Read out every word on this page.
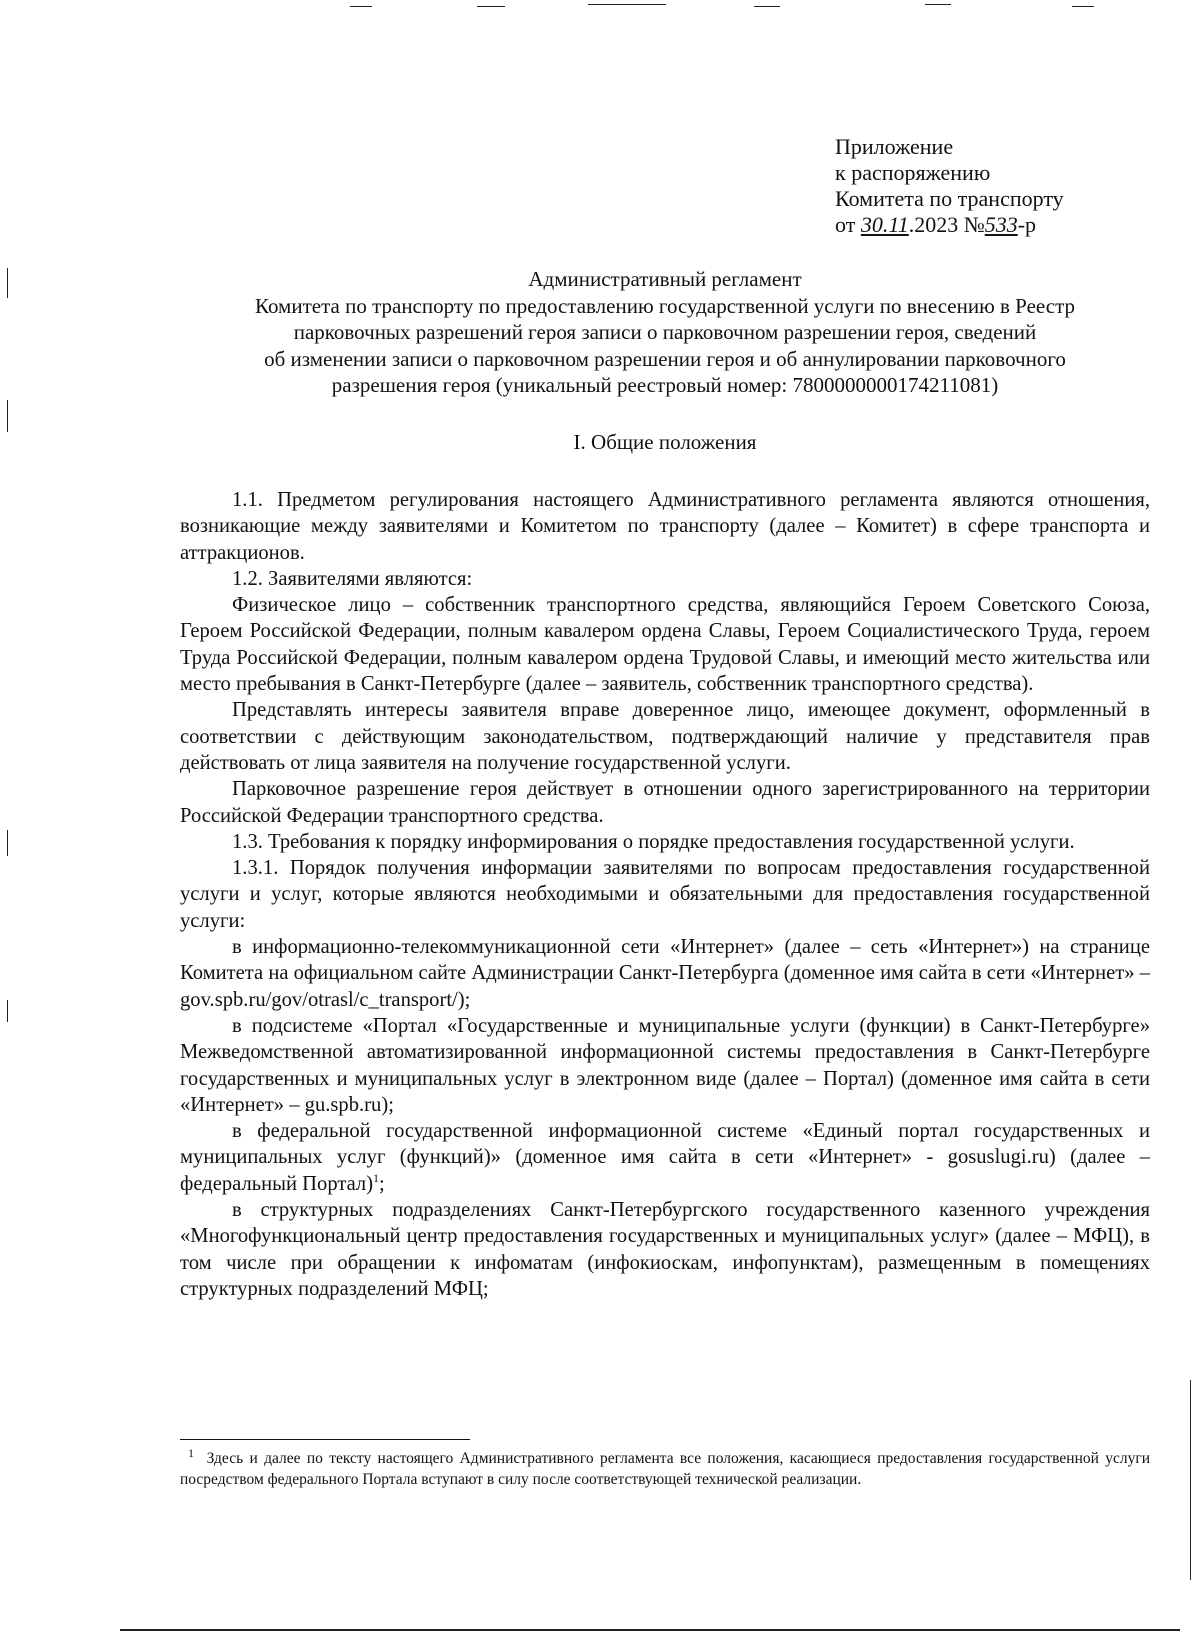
Приложение
к распоряжению
Комитета по транспорту
от 30.11.2023 №533-р
Административный регламент
Комитета по транспорту по предоставлению государственной услуги по внесению в Реестр
парковочных разрешений героя записи о парковочном разрешении героя, сведений
об изменении записи о парковочном разрешении героя и об аннулировании парковочного
разрешения героя (уникальный реестровый номер: 7800000000174211081)
I. Общие положения

1.1. Предметом регулирования настоящего Административного регламента являются отношения, возникающие между заявителями и Комитетом по транспорту (далее – Комитет) в сфере транспорта и аттракционов.

1.2. Заявителями являются:

Физическое лицо – собственник транспортного средства, являющийся Героем Советского Союза, Героем Российской Федерации, полным кавалером ордена Славы, Героем Социалистического Труда, героем Труда Российской Федерации, полным кавалером ордена Трудовой Славы, и имеющий место жительства или место пребывания в Санкт-Петербурге (далее – заявитель, собственник транспортного средства).

Представлять интересы заявителя вправе доверенное лицо, имеющее документ, оформленный в соответствии с действующим законодательством, подтверждающий наличие у представителя прав действовать от лица заявителя на получение государственной услуги.

Парковочное разрешение героя действует в отношении одного зарегистрированного на территории Российской Федерации транспортного средства.

1.3. Требования к порядку информирования о порядке предоставления государственной услуги.

1.3.1. Порядок получения информации заявителями по вопросам предоставления государственной услуги и услуг, которые являются необходимыми и обязательными для предоставления государственной услуги:

в информационно-телекоммуникационной сети «Интернет» (далее – сеть «Интернет») на странице Комитета на официальном сайте Администрации Санкт-Петербурга (доменное имя сайта в сети «Интернет» – gov.spb.ru/gov/otrasl/c_transport/);

в подсистеме «Портал «Государственные и муниципальные услуги (функции) в Санкт-Петербурге» Межведомственной автоматизированной информационной системы предоставления в Санкт-Петербурге государственных и муниципальных услуг в электронном виде (далее – Портал) (доменное имя сайта в сети «Интернет» – gu.spb.ru);

в федеральной государственной информационной системе «Единый портал государственных и муниципальных услуг (функций)» (доменное имя сайта в сети «Интернет» - gosuslugi.ru) (далее – федеральный Портал)$^1$;

в структурных подразделениях Санкт-Петербургского государственного казенного учреждения «Многофункциональный центр предоставления государственных и муниципальных услуг» (далее – МФЦ), в том числе при обращении к инфоматам (инфокиоскам, инфопунктам), размещенным в помещениях структурных подразделений МФЦ;

$^1$ Здесь и далее по тексту настоящего Административного регламента все положения, касающиеся предоставления государственной услуги посредством федерального Портала вступают в силу после соответствующей технической реализации.
